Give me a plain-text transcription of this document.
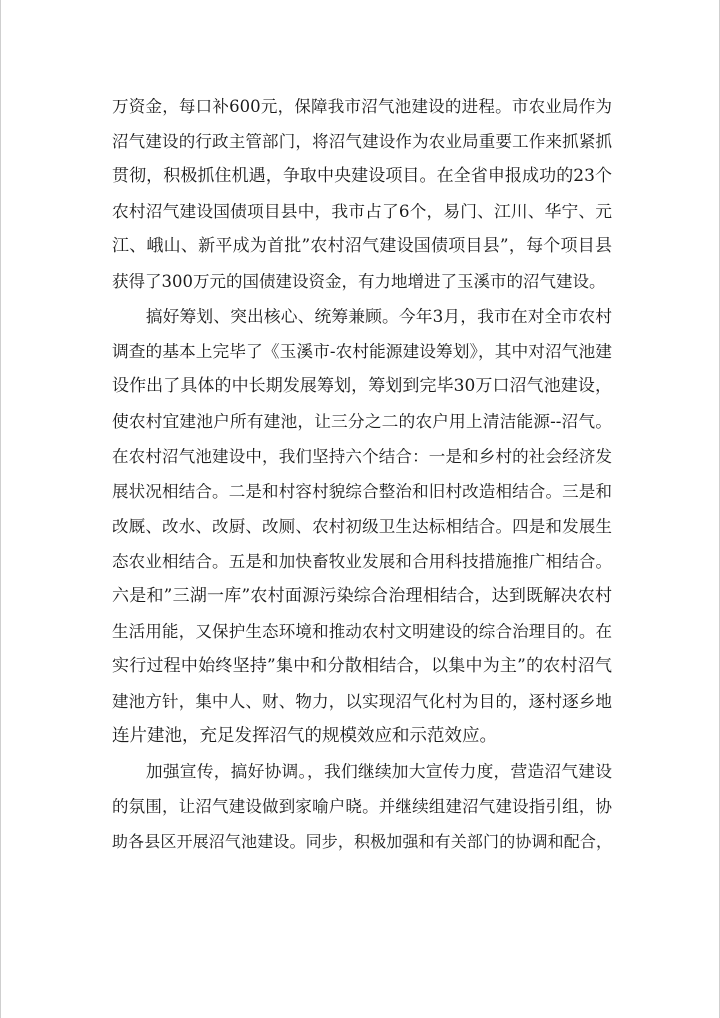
万资金，每口补600元，保障我市沼气池建设的进程。市农业局作为
沼气建设的行政主管部门，将沼气建设作为农业局重要工作来抓紧抓
贯彻，积极抓住机遇，争取中央建设项目。在全省申报成功的23个
农村沼气建设国债项目县中，我市占了6个，易门、江川、华宁、元
江、峨山、新平成为首批”农村沼气建设国债项目县”，每个项目县
获得了300万元的国债建设资金，有力地增进了玉溪市的沼气建设。
　　搞好筹划、突出核心、统筹兼顾。今年3月，我市在对全市农村
调查的基本上完毕了《玉溪市-农村能源建设筹划》，其中对沼气池建
设作出了具体的中长期发展筹划，筹划到完毕30万口沼气池建设，
使农村宜建池户所有建池，让三分之二的农户用上清洁能源--沼气。
在农村沼气池建设中，我们坚持六个结合：一是和乡村的社会经济发
展状况相结合。二是和村容村貌综合整治和旧村改造相结合。三是和
改厩、改水、改厨、改厕、农村初级卫生达标相结合。四是和发展生
态农业相结合。五是和加快畜牧业发展和合用科技措施推广相结合。
六是和”三湖一库”农村面源污染综合治理相结合，达到既解决农村
生活用能，又保护生态环境和推动农村文明建设的综合治理目的。在
实行过程中始终坚持”集中和分散相结合，以集中为主”的农村沼气
建池方针，集中人、财、物力，以实现沼气化村为目的，逐村逐乡地
连片建池，充足发挥沼气的规模效应和示范效应。
　　加强宣传，搞好协调。，我们继续加大宣传力度，营造沼气建设
的氛围，让沼气建设做到家喻户晓。并继续组建沼气建设指引组，协
助各县区开展沼气池建设。同步，积极加强和有关部门的协调和配合，
